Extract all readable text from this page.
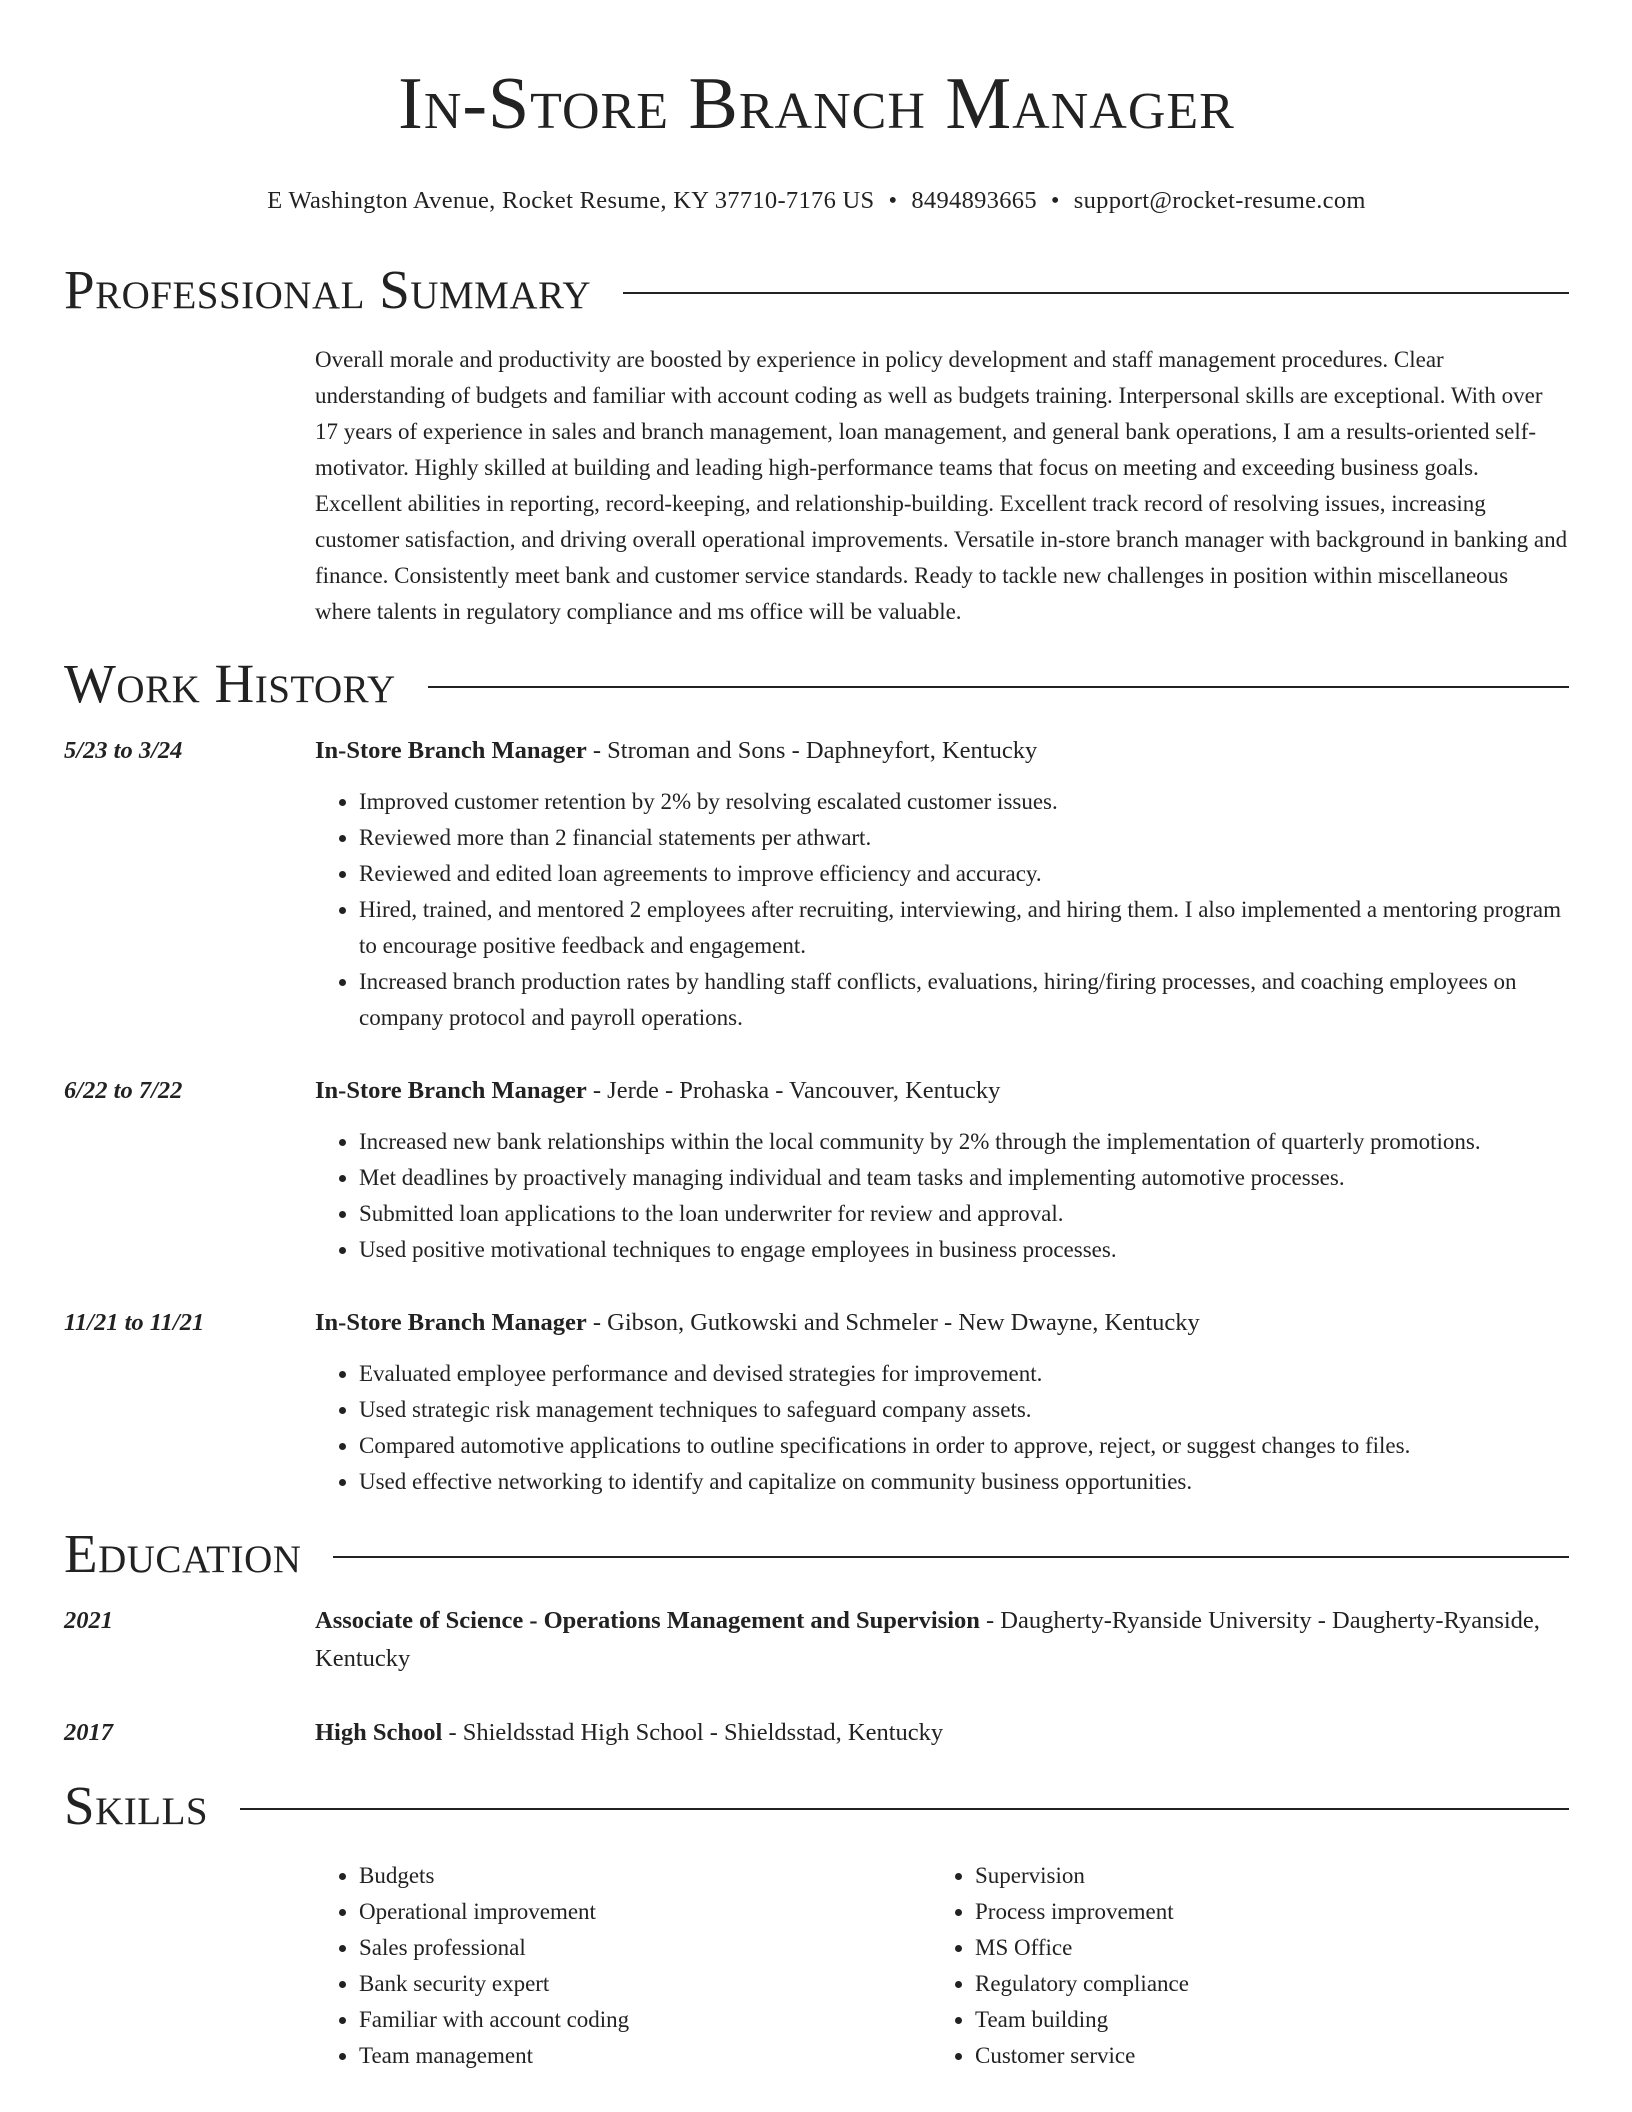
In-Store Branch Manager
E Washington Avenue, Rocket Resume, KY 37710-7176 US • 8494893665 • support@rocket-resume.com
Professional Summary
Overall morale and productivity are boosted by experience in policy development and staff management procedures. Clear understanding of budgets and familiar with account coding as well as budgets training. Interpersonal skills are exceptional. With over 17 years of experience in sales and branch management, loan management, and general bank operations, I am a results-oriented self-motivator. Highly skilled at building and leading high-performance teams that focus on meeting and exceeding business goals. Excellent abilities in reporting, record-keeping, and relationship-building. Excellent track record of resolving issues, increasing customer satisfaction, and driving overall operational improvements. Versatile in-store branch manager with background in banking and finance. Consistently meet bank and customer service standards. Ready to tackle new challenges in position within miscellaneous where talents in regulatory compliance and ms office will be valuable.
Work History
5/23 to 3/24	In-Store Branch Manager - Stroman and Sons - Daphneyfort, Kentucky
• Improved customer retention by 2% by resolving escalated customer issues.
• Reviewed more than 2 financial statements per athwart.
• Reviewed and edited loan agreements to improve efficiency and accuracy.
• Hired, trained, and mentored 2 employees after recruiting, interviewing, and hiring them. I also implemented a mentoring program to encourage positive feedback and engagement.
• Increased branch production rates by handling staff conflicts, evaluations, hiring/firing processes, and coaching employees on company protocol and payroll operations.
6/22 to 7/22	In-Store Branch Manager - Jerde - Prohaska - Vancouver, Kentucky
• Increased new bank relationships within the local community by 2% through the implementation of quarterly promotions.
• Met deadlines by proactively managing individual and team tasks and implementing automotive processes.
• Submitted loan applications to the loan underwriter for review and approval.
• Used positive motivational techniques to engage employees in business processes.
11/21 to 11/21	In-Store Branch Manager - Gibson, Gutkowski and Schmeler - New Dwayne, Kentucky
• Evaluated employee performance and devised strategies for improvement.
• Used strategic risk management techniques to safeguard company assets.
• Compared automotive applications to outline specifications in order to approve, reject, or suggest changes to files.
• Used effective networking to identify and capitalize on community business opportunities.
Education
2021	Associate of Science - Operations Management and Supervision - Daugherty-Ryanside University - Daugherty-Ryanside, Kentucky
2017	High School - Shieldsstad High School - Shieldsstad, Kentucky
Skills
• Budgets
• Operational improvement
• Sales professional
• Bank security expert
• Familiar with account coding
• Team management
• Supervision
• Process improvement
• MS Office
• Regulatory compliance
• Team building
• Customer service
